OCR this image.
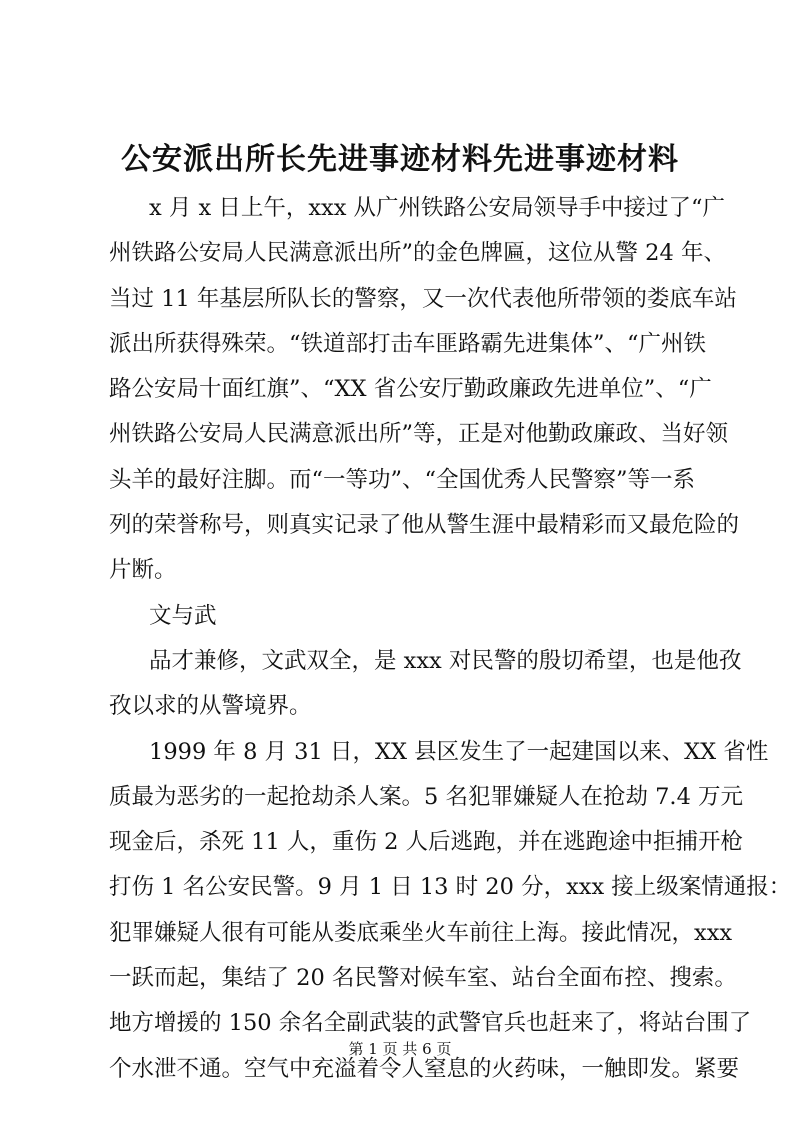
公安派出所长先进事迹材料先进事迹材料
x 月 x 日上午，xxx 从广州铁路公安局领导手中接过了“广
州铁路公安局人民满意派出所”的金色牌匾，这位从警 24 年、
当过 11 年基层所队长的警察，又一次代表他所带领的娄底车站
派出所获得殊荣。“铁道部打击车匪路霸先进集体”、“广州铁
路公安局十面红旗”、“XX 省公安厅勤政廉政先进单位”、“广
州铁路公安局人民满意派出所”等，正是对他勤政廉政、当好领
头羊的最好注脚。而“一等功”、“全国优秀人民警察”等一系
列的荣誉称号，则真实记录了他从警生涯中最精彩而又最危险的
片断。
文与武
品才兼修，文武双全，是 xxx 对民警的殷切希望，也是他孜
孜以求的从警境界。
1999 年 8 月 31 日，XX 县区发生了一起建国以来、XX 省性
质最为恶劣的一起抢劫杀人案。5 名犯罪嫌疑人在抢劫 7.4 万元
现金后，杀死 11 人，重伤 2 人后逃跑，并在逃跑途中拒捕开枪
打伤 1 名公安民警。9 月 1 日 13 时 20 分，xxx 接上级案情通报：
犯罪嫌疑人很有可能从娄底乘坐火车前往上海。接此情况，xxx
一跃而起，集结了 20 名民警对候车室、站台全面布控、搜索。
地方增援的 150 余名全副武装的武警官兵也赶来了，将站台围了
个水泄不通。空气中充溢着令人窒息的火药味，一触即发。紧要
第 1 页 共 6 页
